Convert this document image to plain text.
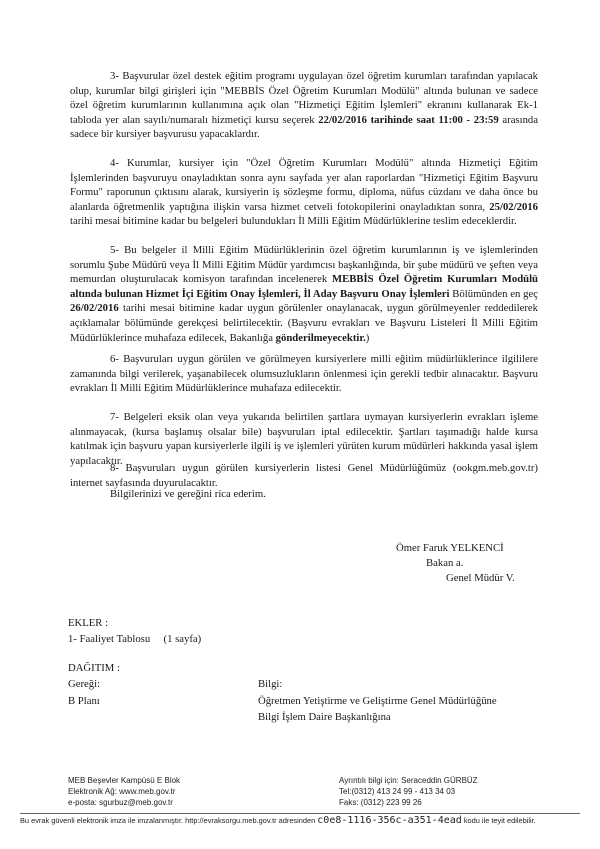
3- Başvurular özel destek eğitim programı uygulayan özel öğretim kurumları tarafından yapılacak olup, kurumlar bilgi girişleri için "MEBBİS Özel Öğretim Kurumları Modülü" altında bulunan ve sadece özel öğretim kurumlarının kullanımına açık olan "Hizmetiçi Eğitim İşlemleri" ekranını kullanarak Ek-1 tabloda yer alan sayılı/numaralı hizmetiçi kursu seçerek 22/02/2016 tarihinde saat 11:00 - 23:59 arasında sadece bir kursiyer başvurusu yapacaklardır.

4- Kurumlar, kursiyer için "Özel Öğretim Kurumları Modülü" altında Hizmetiçi Eğitim İşlemlerinden başvuruyu onayladıktan sonra aynı sayfada yer alan raporlardan "Hizmetiçi Eğitim Başvuru Formu" raporunun çıktısını alarak, kursiyerin iş sözleşme formu, diploma, nüfus cüzdanı ve daha önce bu alanlarda öğretmenlik yaptığına ilişkin varsa hizmet cetveli fotokopilerini onayladıktan sonra, 25/02/2016 tarihi mesai bitimine kadar bu belgeleri bulundukları İl Milli Eğitim Müdürlüklerine teslim edeceklerdir.

5- Bu belgeler il Milli Eğitim Müdürlüklerinin özel öğretim kurumlarının iş ve işlemlerinden sorumlu Şube Müdürü veya İl Milli Eğitim Müdür yardımcısı başkanlığında, bir şube müdürü ve şeften veya memurdan oluşturulacak komisyon tarafından incelenerek MEBBİS Özel Öğretim Kurumları Modülü altında bulunan Hizmet İçi Eğitim Onay İşlemleri, İl Aday Başvuru Onay İşlemleri Bölümünden en geç 26/02/2016 tarihi mesai bitimine kadar uygun görülenler onaylanacak, uygun görülmeyenler reddedilerek açıklamalar bölümünde gerekçesi belirtilecektir. (Başvuru evrakları ve Başvuru Listeleri İl Milli Eğitim Müdürlüklerince muhafaza edilecek, Bakanlığa gönderilmeyecektir.)

6- Başvuruları uygun görülen ve görülmeyen kursiyerlere milli eğitim müdürlüklerince ilgililere zamanında bilgi verilerek, yaşanabilecek olumsuzlukların önlenmesi için gerekli tedbir alınacaktır. Başvuru evrakları İl Milli Eğitim Müdürlüklerince muhafaza edilecektir.

7- Belgeleri eksik olan veya yukarıda belirtilen şartlara uymayan kursiyerlerin evrakları işleme alınmayacak, (kursa başlamış olsalar bile) başvuruları iptal edilecektir. Şartları taşımadığı halde kursa katılmak için başvuru yapan kursiyerlerle ilgili iş ve işlemleri yürüten kurum müdürleri hakkında yasal işlem yapılacaktır.

8- Başvuruları uygun görülen kursiyerlerin listesi Genel Müdürlüğümüz (ookgm.meb.gov.tr) internet sayfasında duyurulacaktır.

Bilgilerinizi ve gereğini rica ederim.
Ömer Faruk YELKENCİ
Bakan a.
Genel Müdür V.
EKLER :
1- Faaliyet Tablosu (1 sayfa)
DAĞITIM :
Gereği:
B Planı
Bilgi:
Öğretmen Yetiştirme ve Geliştirme Genel Müdürlüğüne
Bilgi İşlem Daire Başkanlığına
MEB Beşevler Kampüsü E Blok
Elektronik Ağ: www.meb.gov.tr
e-posta: sgurbuz@meb.gov.tr
Ayrıntılı bilgi için: Seraceddin GÜRBÜZ
Tel:(0312) 413 24 99 - 413 34 03
Faks: (0312) 223 99 26
Bu evrak güvenli elektronik imza ile imzalanmıştır. http://evraksorgu.meb.gov.tr adresinden c0e8-1116-356c-a351-4ead kodu ile teyit edilebilir.
